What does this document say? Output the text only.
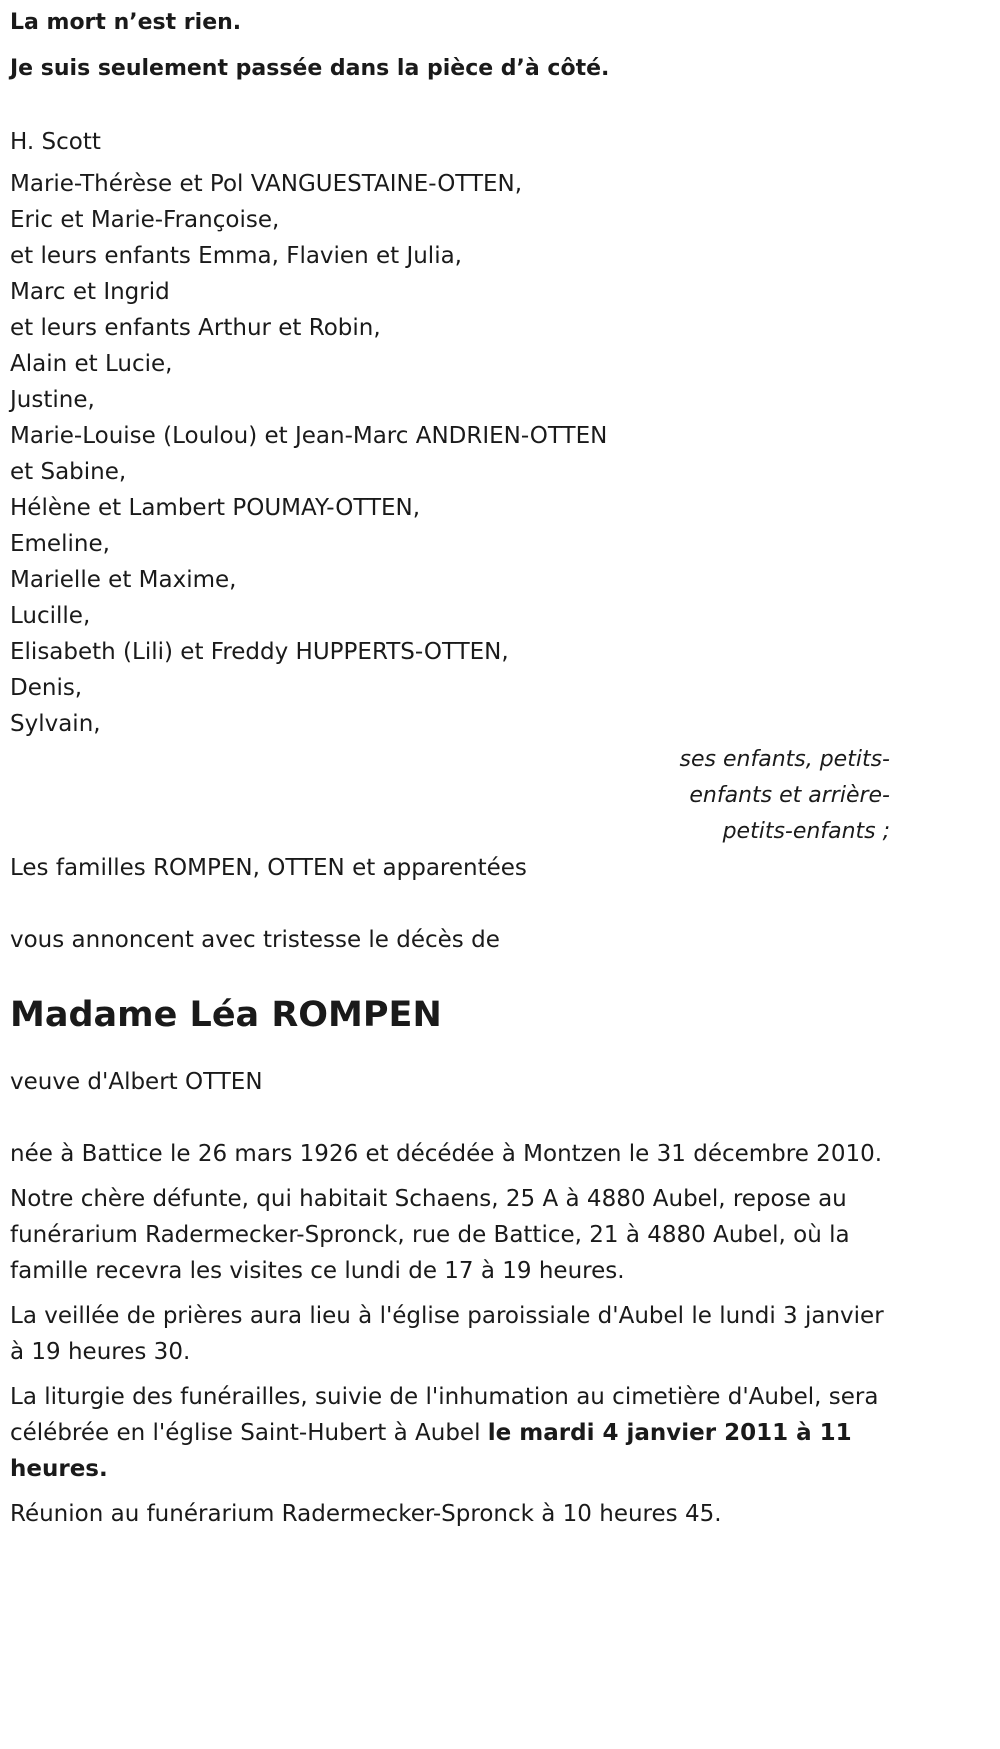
La mort n’est rien.

Je suis seulement passée dans la pièce d’à côté.

H. Scott

Marie-Thérèse et Pol VANGUESTAINE-OTTEN,
Eric et Marie-Françoise,
et leurs enfants Emma, Flavien et Julia,
Marc et Ingrid
et leurs enfants Arthur et Robin,
Alain et Lucie,
Justine,
Marie-Louise (Loulou) et Jean-Marc ANDRIEN-OTTEN
et Sabine,
Hélène et Lambert POUMAY-OTTEN,
Emeline,
Marielle et Maxime,
Lucille,
Elisabeth (Lili) et Freddy HUPPERTS-OTTEN,
Denis,
Sylvain,
ses enfants, petits-
enfants et arrière-
petits-enfants ;

Les familles ROMPEN, OTTEN et apparentées

vous annoncent avec tristesse le décès de

Madame Léa ROMPEN

veuve d'Albert OTTEN

née à Battice le 26 mars 1926 et décédée à Montzen le 31 décembre 2010.

Notre chère défunte, qui habitait Schaens, 25 A à 4880 Aubel, repose au funérarium Radermecker-Spronck, rue de Battice, 21 à 4880 Aubel, où la famille recevra les visites ce lundi de 17 à 19 heures.

La veillée de prières aura lieu à l'église paroissiale d'Aubel le lundi 3 janvier à 19 heures 30.

La liturgie des funérailles, suivie de l'inhumation au cimetière d'Aubel, sera célébrée en l'église Saint-Hubert à Aubel le mardi 4 janvier 2011 à 11 heures.

Réunion au funérarium Radermecker-Spronck à 10 heures 45.
